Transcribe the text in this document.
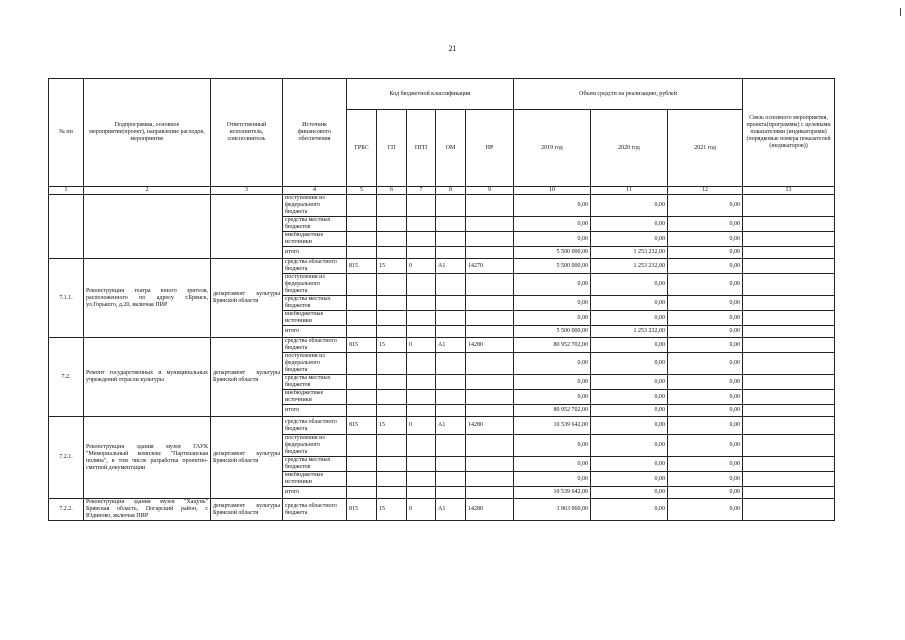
21
№ пп	Подпрограмма, основное мероприятие(проект), направление расходов, мероприятие	Ответственный исполнитель, соисполнитель	Источник финансового обеспечения	Код бюджетной классификации					Объем средств на реализацию, рублей			Связь основного мероприятия, проекта(программы) с целевыми показателями (индикаторами) (порядковые номера показателей (индикаторов))
				ГРБС	ГП	ПГП	ОМ	НР	2019 год	2020 год	2021 год	
1	2	3	4	5	6	7	8	9	10	11	12	13
			поступления из федерального бюджета						0,00	0,00	0,00	
			средства местных бюджетов						0,00	0,00	0,00	
			внебюджетные источники						0,00	0,00	0,00	
			итого						5 500 000,00	1 253 232,00	0,00	
7.1.1.	Реконструкция театра юного зрителя, расположенного по адресу г.Брянск, ул.Горького, д.20, включая ПИР	департамент культуры Брянской области	средства областного бюджета	815	15	0	А1	14270	5 500 000,00	1 253 232,00	0,00	
			поступления из федерального бюджета						0,00	0,00	0,00	
			средства местных бюджетов						0,00	0,00	0,00	
			внебюджетные источники						0,00	0,00	0,00	
			итого						5 500 000,00	1 253 232,00	0,00	
7.2.	Ремонт государственных и муниципальных учреждений отрасли культуры	департамент культуры Брянской области	средства областного бюджета	815	15	0	А1	14280	80 952 702,00	0,00	0,00	
			поступления из федерального бюджета						0,00	0,00	0,00	
			средства местных бюджетов						0,00	0,00	0,00	
			внебюджетные источники						0,00	0,00	0,00	
			итого						80 952 702,00	0,00	0,00	
7.2.1.	Реконструкция здания музея ГАУК "Мемориальный комплекс "Партизанская поляна", в том числе разработка проектно-сметной документации	департамент культуры Брянской области	средства областного бюджета	815	15	0	А1	14280	10 539 642,00	0,00	0,00	
			поступления из федерального бюджета						0,00	0,00	0,00	
			средства местных бюджетов						0,00	0,00	0,00	
			внебюджетные источники						0,00	0,00	0,00	
			итого						10 539 642,00	0,00	0,00	
7.2.2.	Реконструкция здания музея "Хацунь" Брянская область, Погарский район, с Юдиново, включая ПИР	департамент культуры Брянской области	средства областного бюджета	815	15	0	А1	14280	3 863 060,00	0,00	0,00	
